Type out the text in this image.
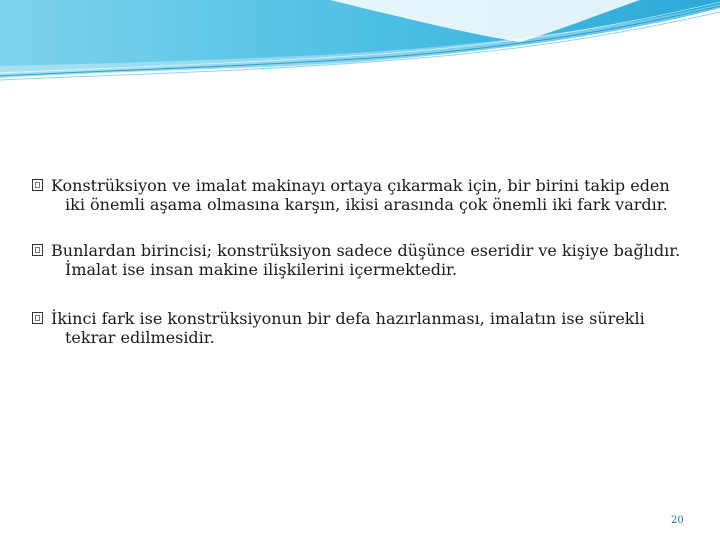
Konstrüksiyon ve imalat makinayı ortaya çıkarmak için, bir birini takip eden iki önemli aşama olmasına karşın, ikisi arasında çok önemli iki fark vardır.
Bunlardan birincisi; konstrüksiyon sadece düşünce eseridir ve kişiye bağlıdır. İmalat ise insan makine ilişkilerini içermektedir.
İkinci fark ise konstrüksiyonun bir defa hazırlanması, imalatın ise sürekli tekrar edilmesidir.
20
